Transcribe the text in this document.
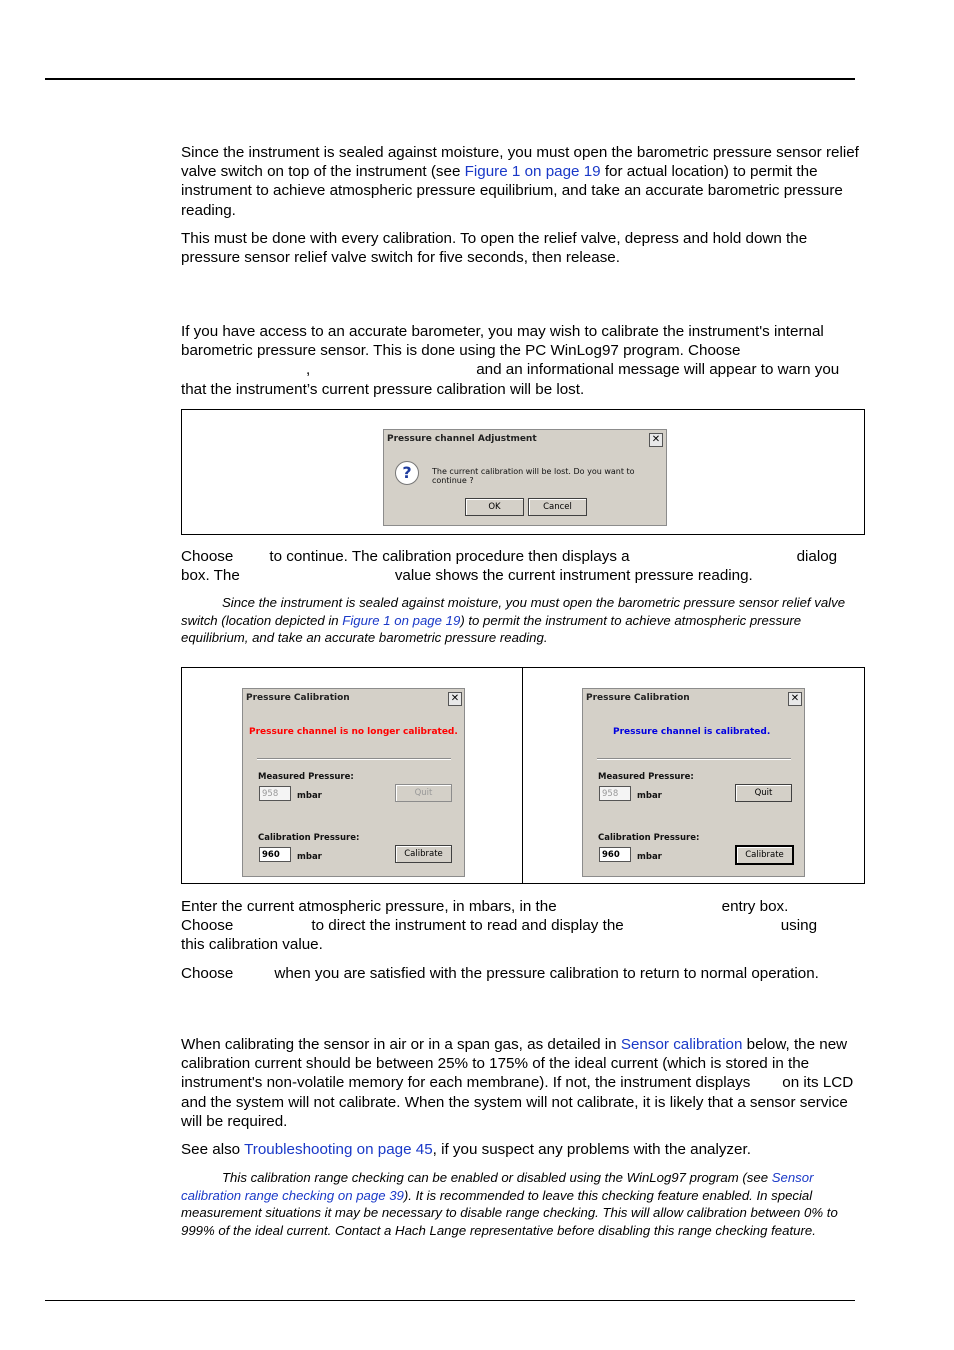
Since the instrument is sealed against moisture, you must open the barometric pressure sensor relief valve switch on top of the instrument (see Figure 1 on page 19 for actual location) to permit the instrument to achieve atmospheric pressure equilibrium, and take an accurate barometric pressure reading.

This must be done with every calibration. To open the relief valve, depress and hold down the pressure sensor relief valve switch for five seconds, then release.

If you have access to an accurate barometer, you may wish to calibrate the instrument's internal barometric pressure sensor. This is done using the PC WinLog97 program. Choose
,	and an informational message will appear to warn you that the instrument’s current pressure calibration will be lost.

Pressure channel Adjustment	✕
?	The current calibration will be lost. Do you want to continue ?
OK	Cancel

Choose to continue. The calibration procedure then displays a	dialog
box. The	value shows the current instrument pressure reading.

Since the instrument is sealed against moisture, you must open the barometric pressure sensor relief valve switch (location depicted in Figure 1 on page 19) to permit the instrument to achieve atmospheric pressure equilibrium, and take an accurate barometric pressure reading.

Pressure Calibration	✕
Pressure channel is no longer calibrated.
Measured Pressure:
958	mbar	Quit
Calibration Pressure:
960	mbar	Calibrate
Pressure Calibration	✕
Pressure channel is calibrated.
Measured Pressure:
958	mbar	Quit
Calibration Pressure:
960	mbar	Calibrate

Enter the current atmospheric pressure, in mbars, in the	entry box.
Choose	to direct the instrument to read and display the	using
this calibration value.

Choose	when you are satisfied with the pressure calibration to return to normal operation.

When calibrating the sensor in air or in a span gas, as detailed in Sensor calibration below, the new calibration current should be between 25% to 175% of the ideal current (which is stored in the instrument's non-volatile memory for each membrane). If not, the instrument displays on its LCD and the system will not calibrate. When the system will not calibrate, it is likely that a sensor service will be required.

See also Troubleshooting on page 45, if you suspect any problems with the analyzer.

This calibration range checking can be enabled or disabled using the WinLog97 program (see Sensor calibration range checking on page 39). It is recommended to leave this checking feature enabled. In special measurement situations it may be necessary to disable range checking. This will allow calibration between 0% to 999% of the ideal current. Contact a Hach Lange representative before disabling this range checking feature.
